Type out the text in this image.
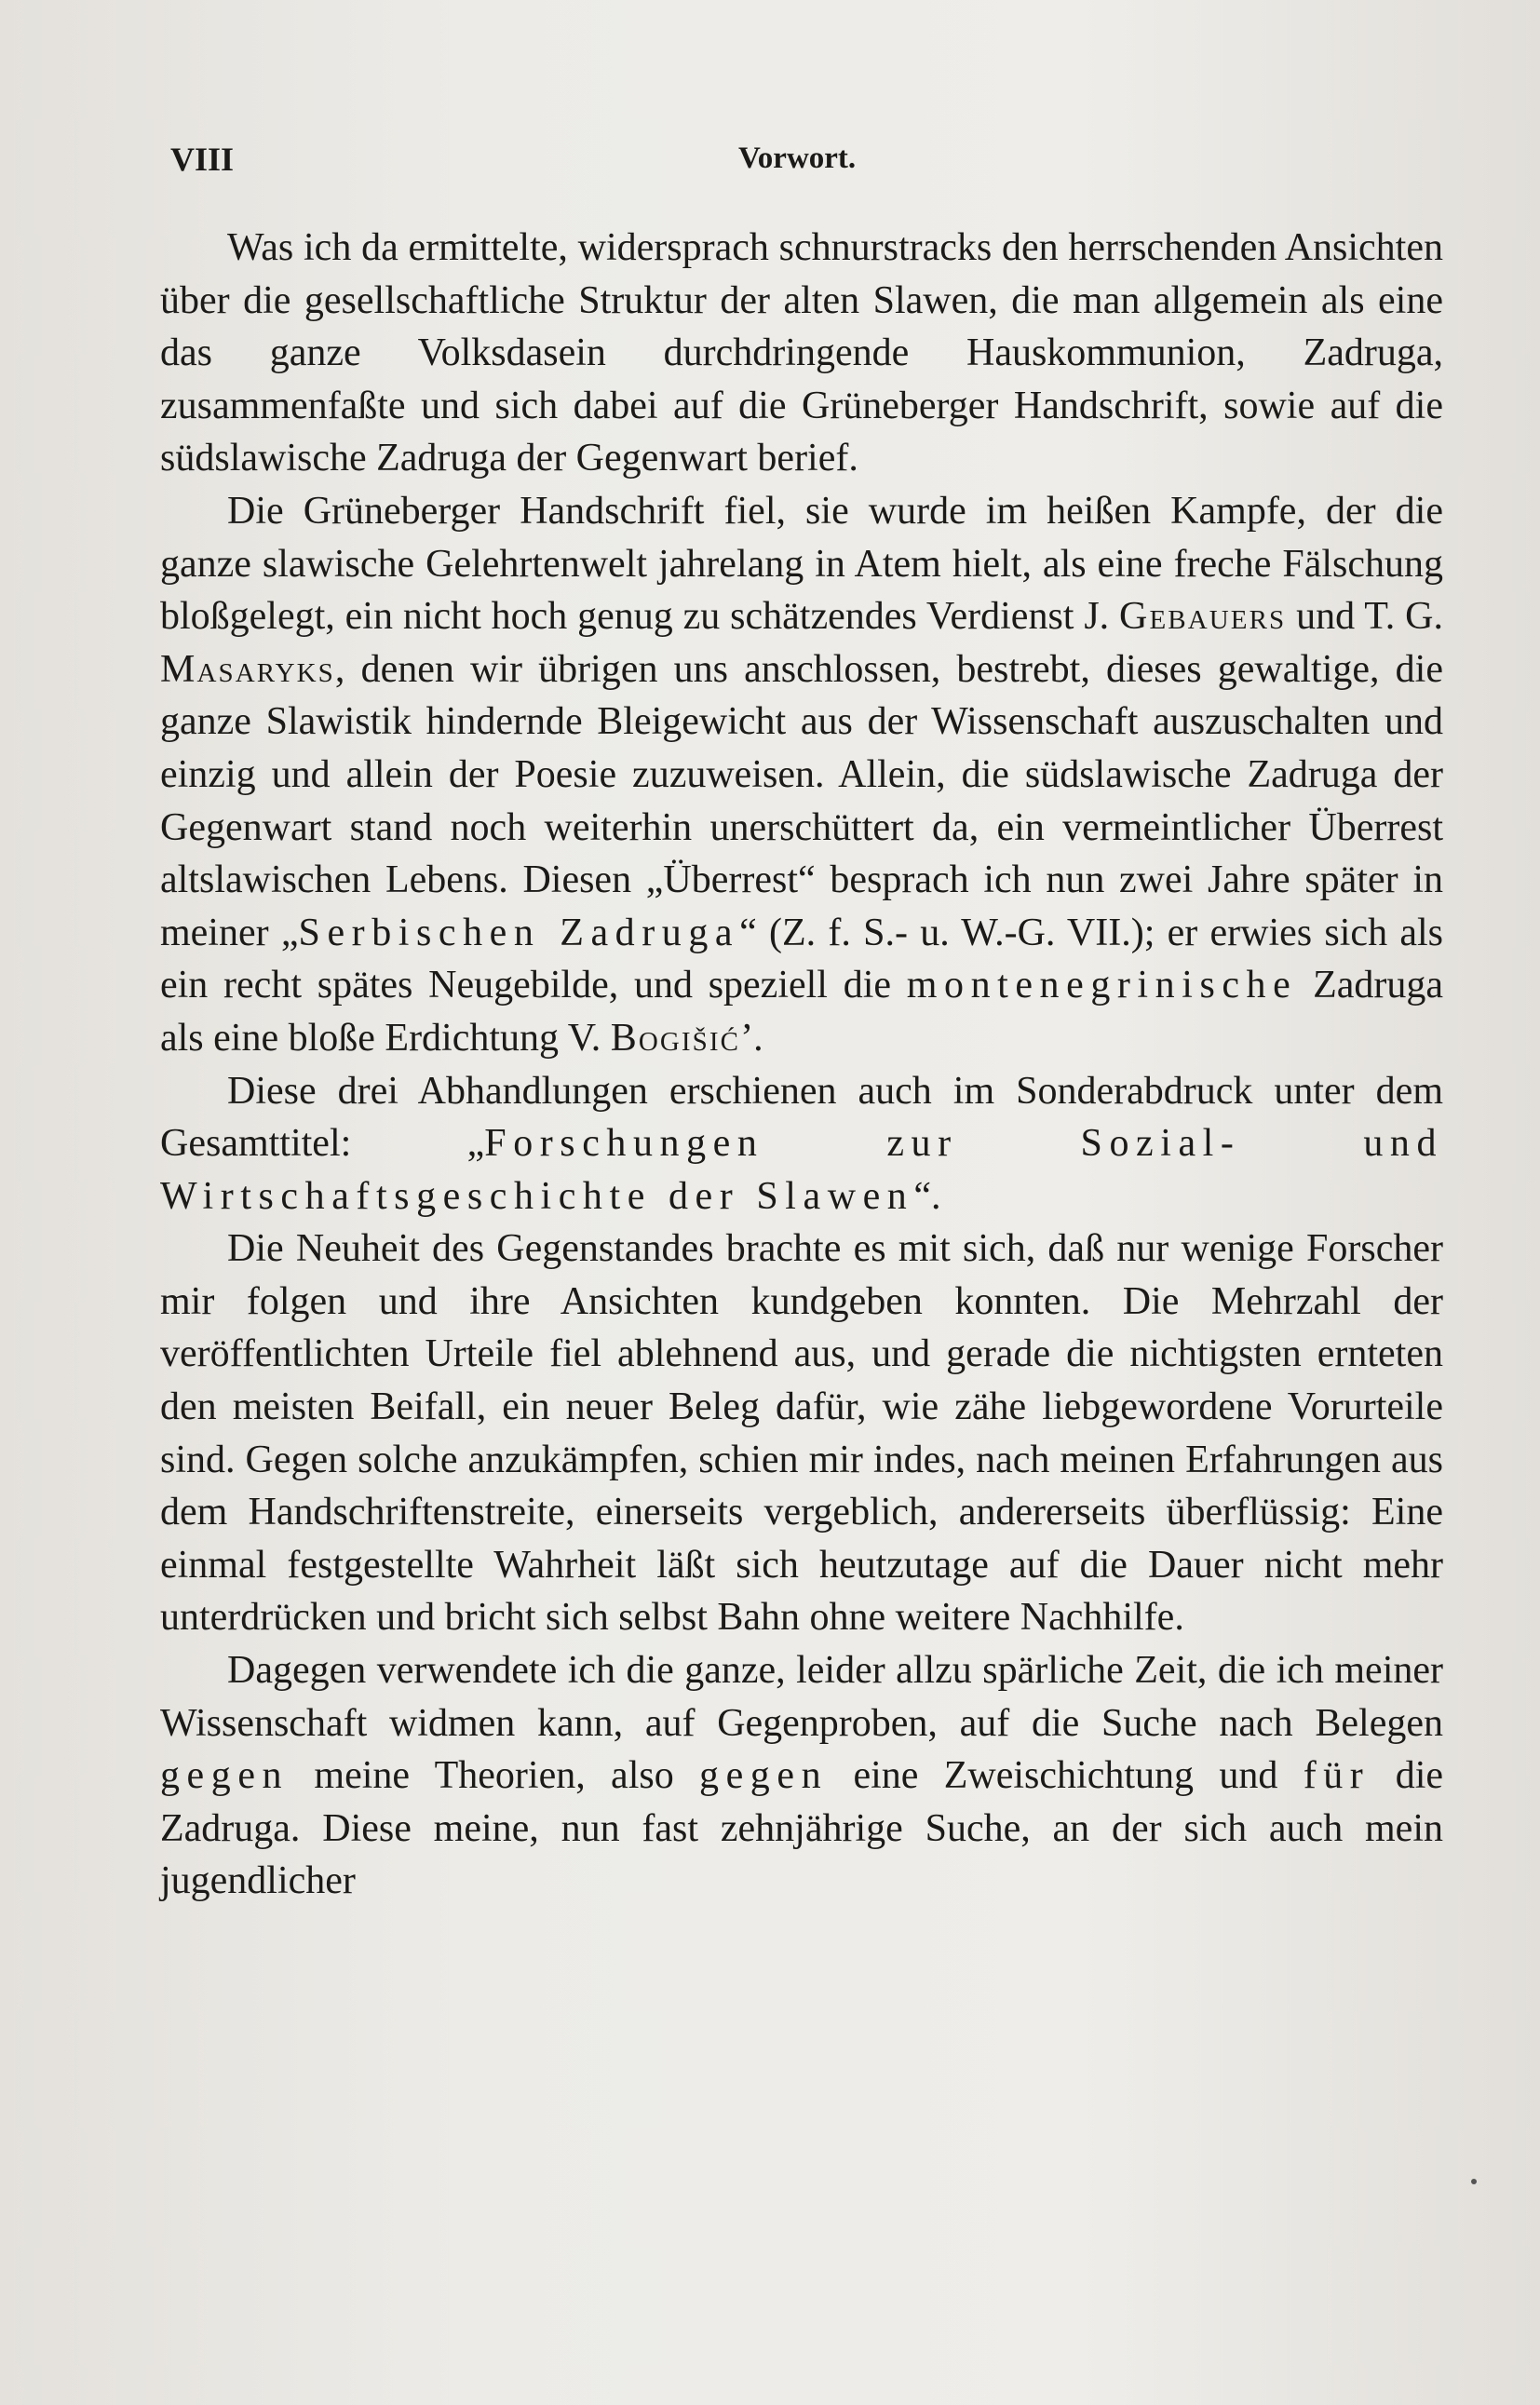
VIII	Vorwort.

Was ich da ermittelte, widersprach schnurstracks den herrschenden Ansichten über die gesellschaftliche Struktur der alten Slawen, die man allgemein als eine das ganze Volksdasein durchdringende Hauskommunion, Zadruga, zusammenfaßte und sich dabei auf die Grüneberger Handschrift, sowie auf die südslawische Zadruga der Gegenwart berief.

Die Grüneberger Handschrift fiel, sie wurde im heißen Kampfe, der die ganze slawische Gelehrtenwelt jahrelang in Atem hielt, als eine freche Fälschung bloßgelegt, ein nicht hoch genug zu schätzendes Verdienst J. Gebauers und T. G. Masaryks, denen wir übrigen uns anschlossen, bestrebt, dieses gewaltige, die ganze Slawistik hindernde Bleigewicht aus der Wissenschaft auszuschalten und einzig und allein der Poesie zuzuweisen. Allein, die südslawische Zadruga der Gegenwart stand noch weiterhin unerschüttert da, ein vermeintlicher Überrest altslawischen Lebens. Diesen „Überrest“ besprach ich nun zwei Jahre später in meiner „Serbischen Zadruga“ (Z. f. S.- u. W.-G. VII.); er erwies sich als ein recht spätes Neugebilde, und speziell die montenegrinische Zadruga als eine bloße Erdichtung V. Bogišić’.

Diese drei Abhandlungen erschienen auch im Sonderabdruck unter dem Gesamttitel: „Forschungen zur Sozial- und Wirtschaftsgeschichte der Slawen“.

Die Neuheit des Gegenstandes brachte es mit sich, daß nur wenige Forscher mir folgen und ihre Ansichten kundgeben konnten. Die Mehrzahl der veröffentlichten Urteile fiel ablehnend aus, und gerade die nichtigsten ernteten den meisten Beifall, ein neuer Beleg dafür, wie zähe liebgewordene Vorurteile sind. Gegen solche anzukämpfen, schien mir indes, nach meinen Erfahrungen aus dem Handschriftenstreite, einerseits vergeblich, andererseits überflüssig: Eine einmal festgestellte Wahrheit läßt sich heutzutage auf die Dauer nicht mehr unterdrücken und bricht sich selbst Bahn ohne weitere Nachhilfe.

Dagegen verwendete ich die ganze, leider allzu spärliche Zeit, die ich meiner Wissenschaft widmen kann, auf Gegenproben, auf die Suche nach Belegen gegen meine Theorien, also gegen eine Zweischichtung und für die Zadruga. Diese meine, nun fast zehnjährige Suche, an der sich auch mein jugendlicher
